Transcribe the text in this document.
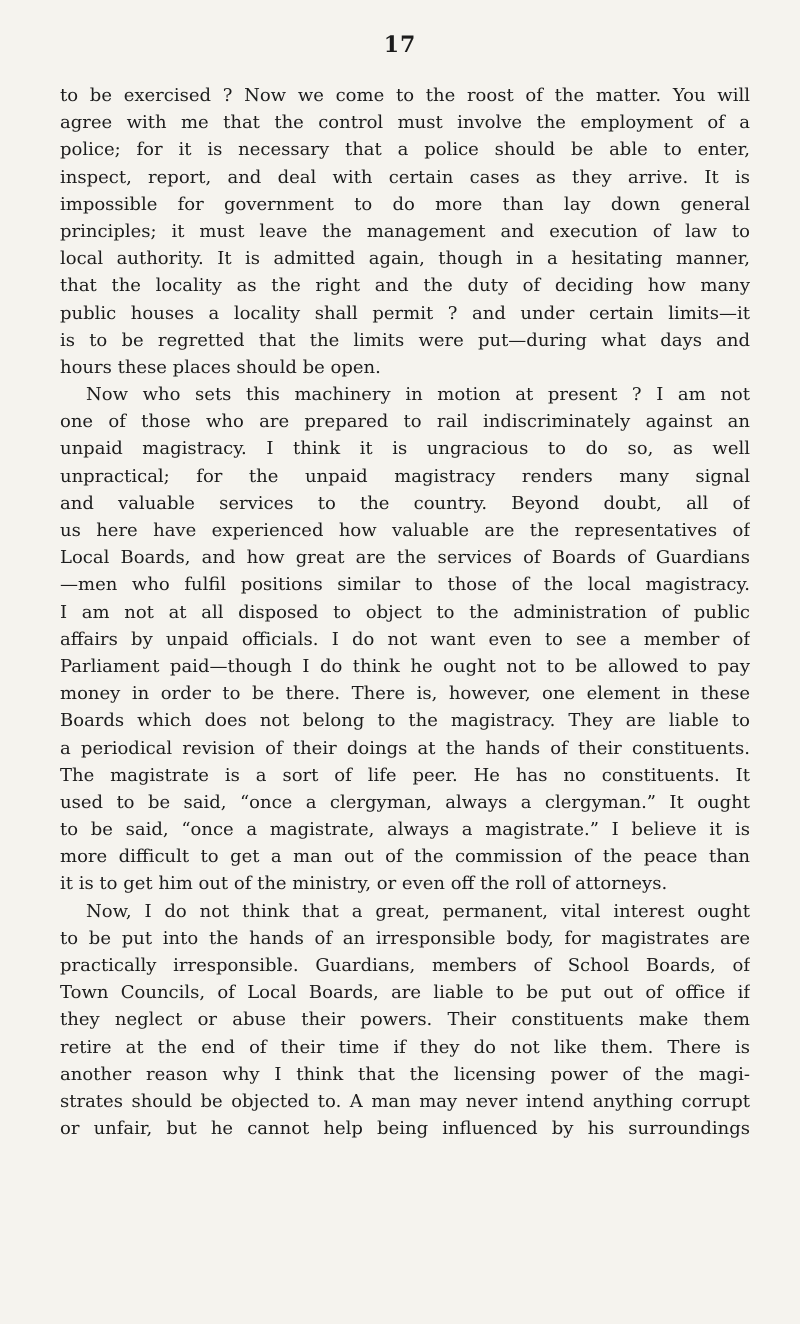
17
to be exercised ? Now we come to the roost of the matter. You will
agree with me that the control must involve the employment of a
police; for it is necessary that a police should be able to enter,
inspect, report, and deal with certain cases as they arrive. It is
impossible for government to do more than lay down general
principles; it must leave the management and execution of law to
local authority. It is admitted again, though in a hesitating manner,
that the locality as the right and the duty of deciding how many
public houses a locality shall permit ? and under certain limits—it
is to be regretted that the limits were put—during what days and
hours these places should be open.
Now who sets this machinery in motion at present ? I am not
one of those who are prepared to rail indiscriminately against an
unpaid magistracy. I think it is ungracious to do so, as well
unpractical; for the unpaid magistracy renders many signal
and valuable services to the country. Beyond doubt, all of
us here have experienced how valuable are the representatives of
Local Boards, and how great are the services of Boards of Guardians
—men who fulfil positions similar to those of the local magistracy.
I am not at all disposed to object to the administration of public
affairs by unpaid officials. I do not want even to see a member of
Parliament paid—though I do think he ought not to be allowed to pay
money in order to be there. There is, however, one element in these
Boards which does not belong to the magistracy. They are liable to
a periodical revision of their doings at the hands of their constituents.
The magistrate is a sort of life peer. He has no constituents. It
used to be said, “once a clergyman, always a clergyman.” It ought
to be said, “once a magistrate, always a magistrate.” I believe it is
more difficult to get a man out of the commission of the peace than
it is to get him out of the ministry, or even off the roll of attorneys.
Now, I do not think that a great, permanent, vital interest ought
to be put into the hands of an irresponsible body, for magistrates are
practically irresponsible. Guardians, members of School Boards, of
Town Councils, of Local Boards, are liable to be put out of office if
they neglect or abuse their powers. Their constituents make them
retire at the end of their time if they do not like them. There is
another reason why I think that the licensing power of the magi-
strates should be objected to. A man may never intend anything corrupt
or unfair, but he cannot help being influenced by his surroundings
